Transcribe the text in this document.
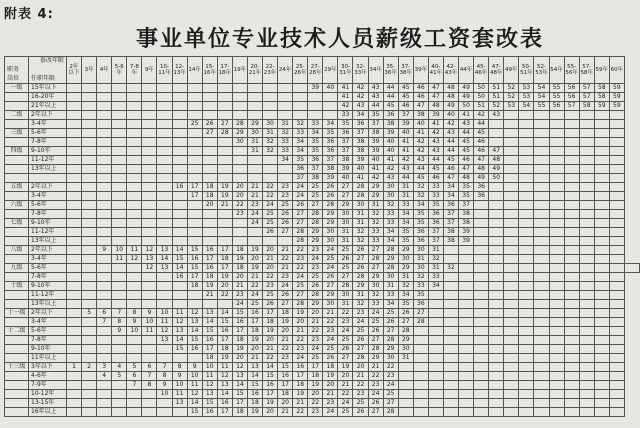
附表 4:
事业单位专业技术人员薪级工资套改表
职务
岗位	套改年限
任职年限	2年以下	3年	4年	5-6年	7-8年	9年	10-11年	12-13年	14年	15-16年	17-18年	19年	20-21年	22-23年	24年	25-26年	27-28年	29年	30-31年	32-33年	34年	35-36年	37-38年	39年	40-41年	42-43年	44年	45-46年	47-48年	49年	50-51年	52-53年	54年	55-56年	57-58年	59年	60年	
一级	15年以下																	39	40	41	42	43	44	45	46	47	48	49	50	51	52	53	54	55	56	57	58	59	
	16-20年																			41	42	43	44	45	46	47	48	49	50	51	52	53	54	55	56	57	58	59	
	21年以上																			42	43	44	45	46	47	48	49	50	51	52	53	54	55	56	57	58	59	59	
二级	2年以下																			33	34	35	36	37	38	39	40	41	42	43									
	3-4年									25	26	27	28	29	30	31	32	33	34	35	36	37	38	39	40	41	42	43	44										
三级	5-6年										27	28	29	30	31	32	33	34	35	36	37	38	39	40	41	42	43	44	45										
	7-8年												30	31	32	33	34	35	36	37	38	39	40	41	42	43	44	45	46										
四级	9-10年													31	32	33	34	35	36	37	38	39	40	41	42	43	44	45	46	47									
	11-12年															34	35	36	37	38	39	40	41	42	43	44	45	46	47	48									
	13年以上																36	37	38	39	40	41	42	43	44	45	46	47	48	49									
																	37	38	39	40	41	42	43	44	45	46	47	48	49	50									
五级	2年以下								16	17	18	19	20	21	22	23	24	25	26	27	28	29	30	31	32	33	34	35	36										
	3-4年									17	18	19	20	21	22	23	24	25	26	27	28	29	30	31	32	33	34	35	36										
六级	5-6年										20	21	22	23	24	25	26	27	28	29	30	31	32	33	34	35	36	37											
	7-8年												23	24	25	26	27	28	29	30	31	32	33	34	35	36	37	38											
七级	9-10年													24	25	26	27	28	29	30	31	32	33	34	35	36	37	38											
	11-12年														26	27	28	29	30	31	32	33	34	35	36	37	38	39											
	13年以上																28	29	30	31	32	33	34	35	36	37	38	39											
八级	2年以下			9	10	11	12	13	14	15	16	17	18	19	20	21	22	23	24	25	26	27	28	29	30	31													
	3-4年				11	12	13	14	15	16	17	18	19	20	21	22	23	24	25	26	27	28	29	30	31	32													
九级	5-6年						12	13	14	15	16	17	18	19	20	21	22	23	24	25	26	27	28	29	30	31	32												
	7-8年								16	17	18	19	20	21	22	23	24	25	26	27	28	29	30	31	32	33													
十级	9-10年									18	19	20	21	22	23	24	25	26	27	28	29	30	31	32	33	34													
	11-12年										21	22	23	24	25	26	27	28	29	30	31	32	33	34	35														
	13年以上												24	25	26	27	28	29	30	31	32	33	34	35	36														
十一级	2年以下		5	6	7	8	9	10	11	12	13	14	15	16	17	18	19	20	21	22	23	24	25	26	27														
	3-4年			7	8	9	10	11	12	13	14	15	16	17	18	19	20	21	22	23	24	25	26	27	28														
十二级	5-6年				9	10	11	12	13	14	15	16	17	18	19	20	21	22	23	24	25	26	27	28															
	7-8年							13	14	15	16	17	18	19	20	21	22	23	24	25	26	27	28	29															
	9-10年								15	16	17	18	19	20	21	22	23	24	25	26	27	28	29	30															
	11年以上										18	19	20	21	22	23	24	25	26	27	28	29	30	31															
十三级	3年以下	1	2	3	4	5	6	7	8	9	10	11	12	13	14	15	16	17	18	19	20	21	22																
	4-6年			4	5	6	7	8	9	10	11	12	13	14	15	16	17	18	19	20	21	22	23																
	7-9年					7	8	9	10	11	12	13	14	15	16	17	18	19	20	21	22	23	24																
	10-12年							10	11	12	13	14	15	16	17	18	19	20	21	22	23	24	25																
	13-15年								13	14	15	16	17	18	19	20	21	22	23	24	25	26	27																
	16年以上									15	16	17	18	19	20	21	22	23	24	25	26	27	28																
